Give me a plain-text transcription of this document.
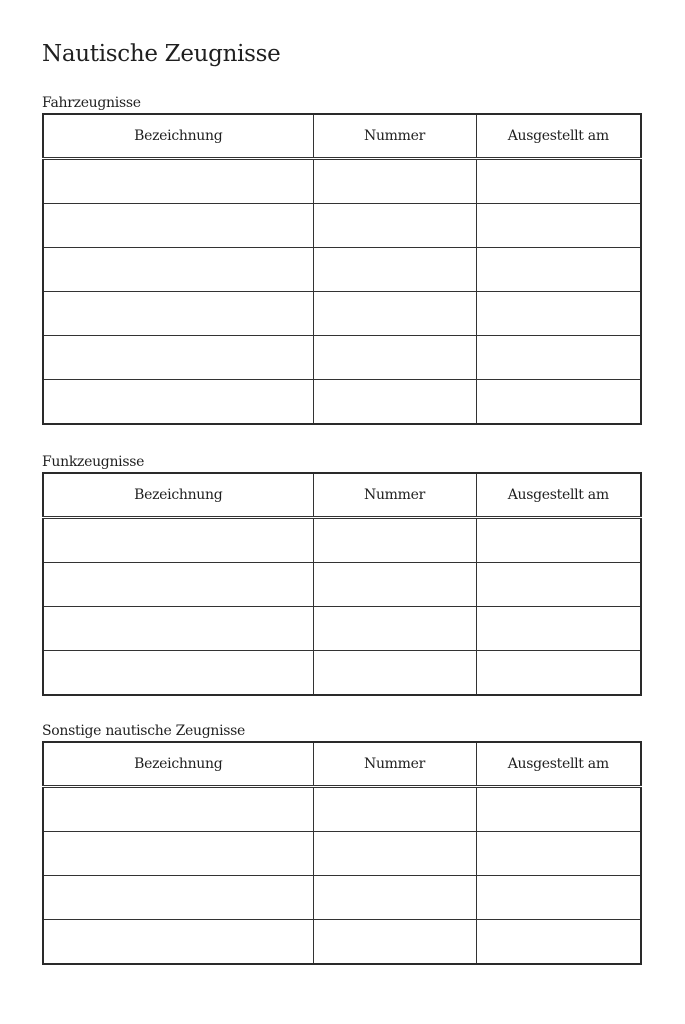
Nautische Zeugnisse
Fahrzeugnisse
Bezeichnung	Nummer	Ausgestellt am

Funkzeugnisse
Bezeichnung	Nummer	Ausgestellt am

Sonstige nautische Zeugnisse
Bezeichnung	Nummer	Ausgestellt am
